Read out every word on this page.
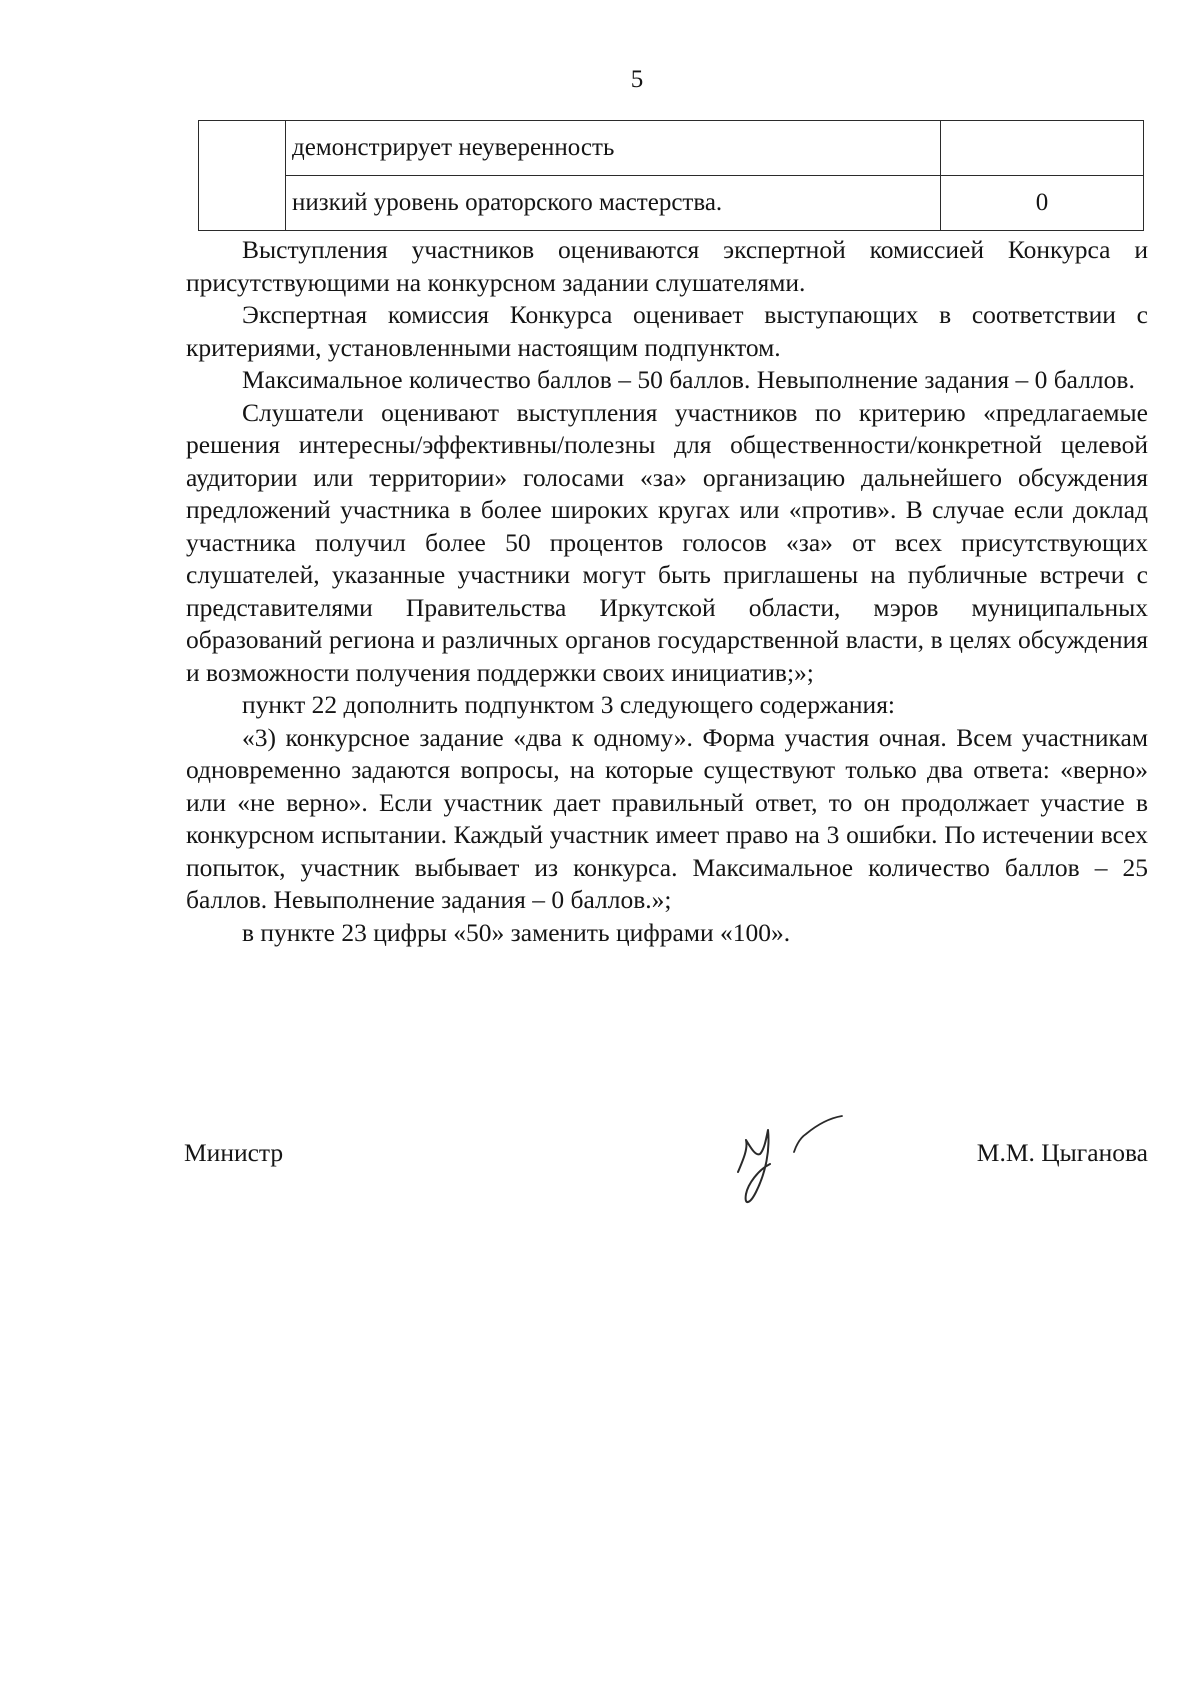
5
	демонстрирует неуверенность	
	низкий уровень ораторского мастерства.	0

Выступления участников оцениваются экспертной комиссией Конкурса и присутствующими на конкурсном задании слушателями.

Экспертная комиссия Конкурса оценивает выступающих в соответствии с критериями, установленными настоящим подпунктом.

Максимальное количество баллов – 50 баллов. Невыполнение задания – 0 баллов.

Слушатели оценивают выступления участников по критерию «предлагаемые решения интересны/эффективны/полезны для общественности/конкретной целевой аудитории или территории» голосами «за» организацию дальнейшего обсуждения предложений участника в более широких кругах или «против». В случае если доклад участника получил более 50 процентов голосов «за» от всех присутствующих слушателей, указанные участники могут быть приглашены на публичные встречи с представителями Правительства Иркутской области, мэров муниципальных образований региона и различных органов государственной власти, в целях обсуждения и возможности получения поддержки своих инициатив;»;

пункт 22 дополнить подпунктом 3 следующего содержания:

«3) конкурсное задание «два к одному». Форма участия очная. Всем участникам одновременно задаются вопросы, на которые существуют только два ответа: «верно» или «не верно». Если участник дает правильный ответ, то он продолжает участие в конкурсном испытании. Каждый участник имеет право на 3 ошибки. По истечении всех попыток, участник выбывает из конкурса. Максимальное количество баллов – 25 баллов. Невыполнение задания – 0 баллов.»;

в пункте 23 цифры «50» заменить цифрами «100».

Министр	М.М. Цыганова
